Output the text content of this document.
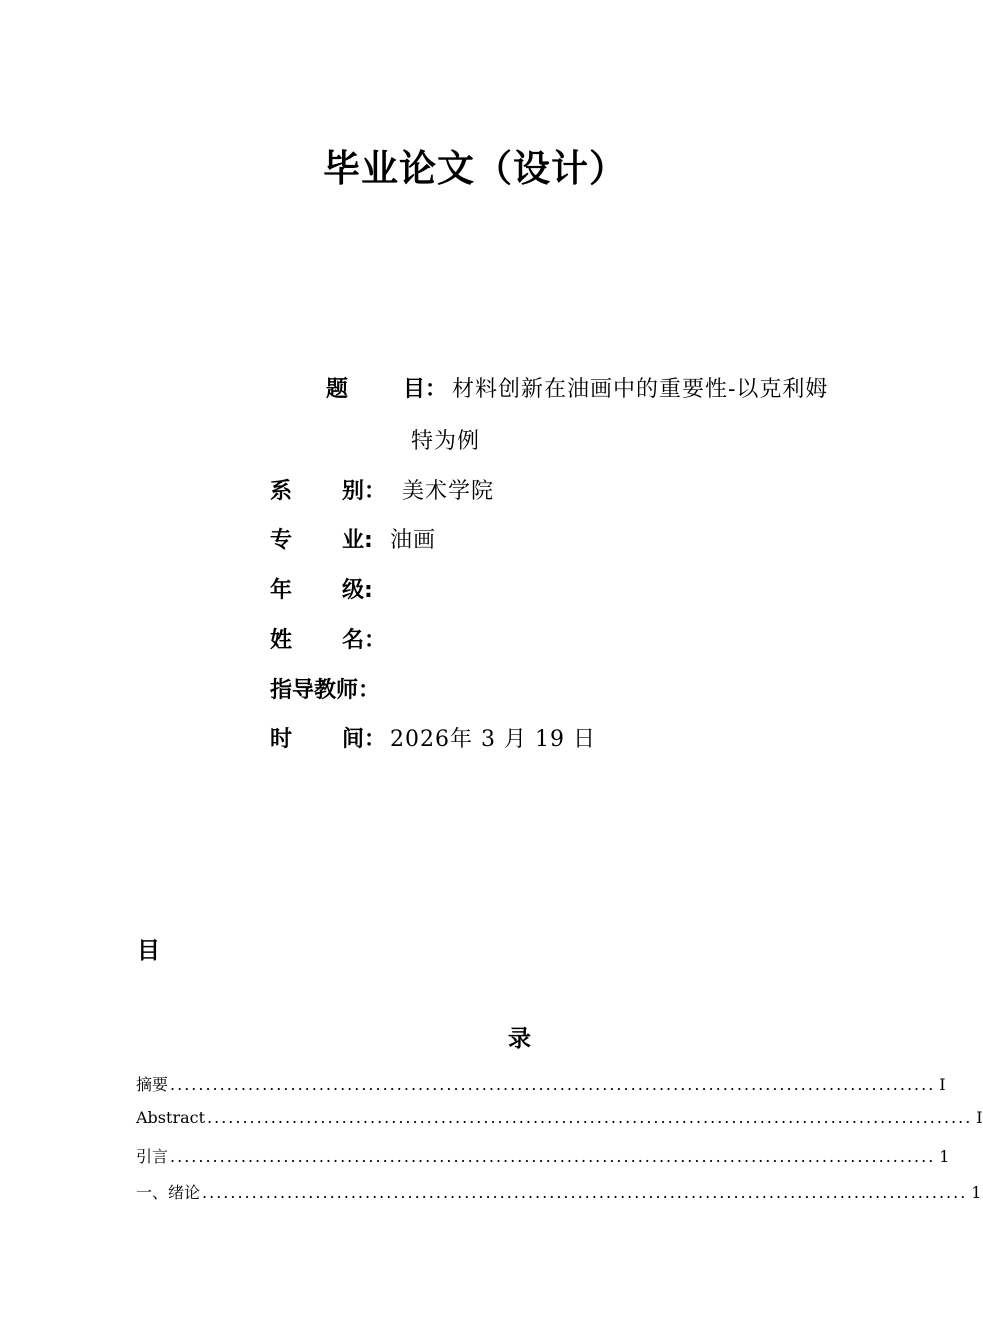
毕业论文（设计）
题 目： 材料创新在油画中的重要性-以克利姆
特为例
系 别： 美术学院
专 业: 油画
年 级:
姓 名：
指导教师：
时 间： 2026年 3 月 19 日
目
录
摘要 ............................................................................................................ I
Abstract ............................................................................................................ I
引言 ............................................................................................................ 1
一、绪论 ............................................................................................................ 1
